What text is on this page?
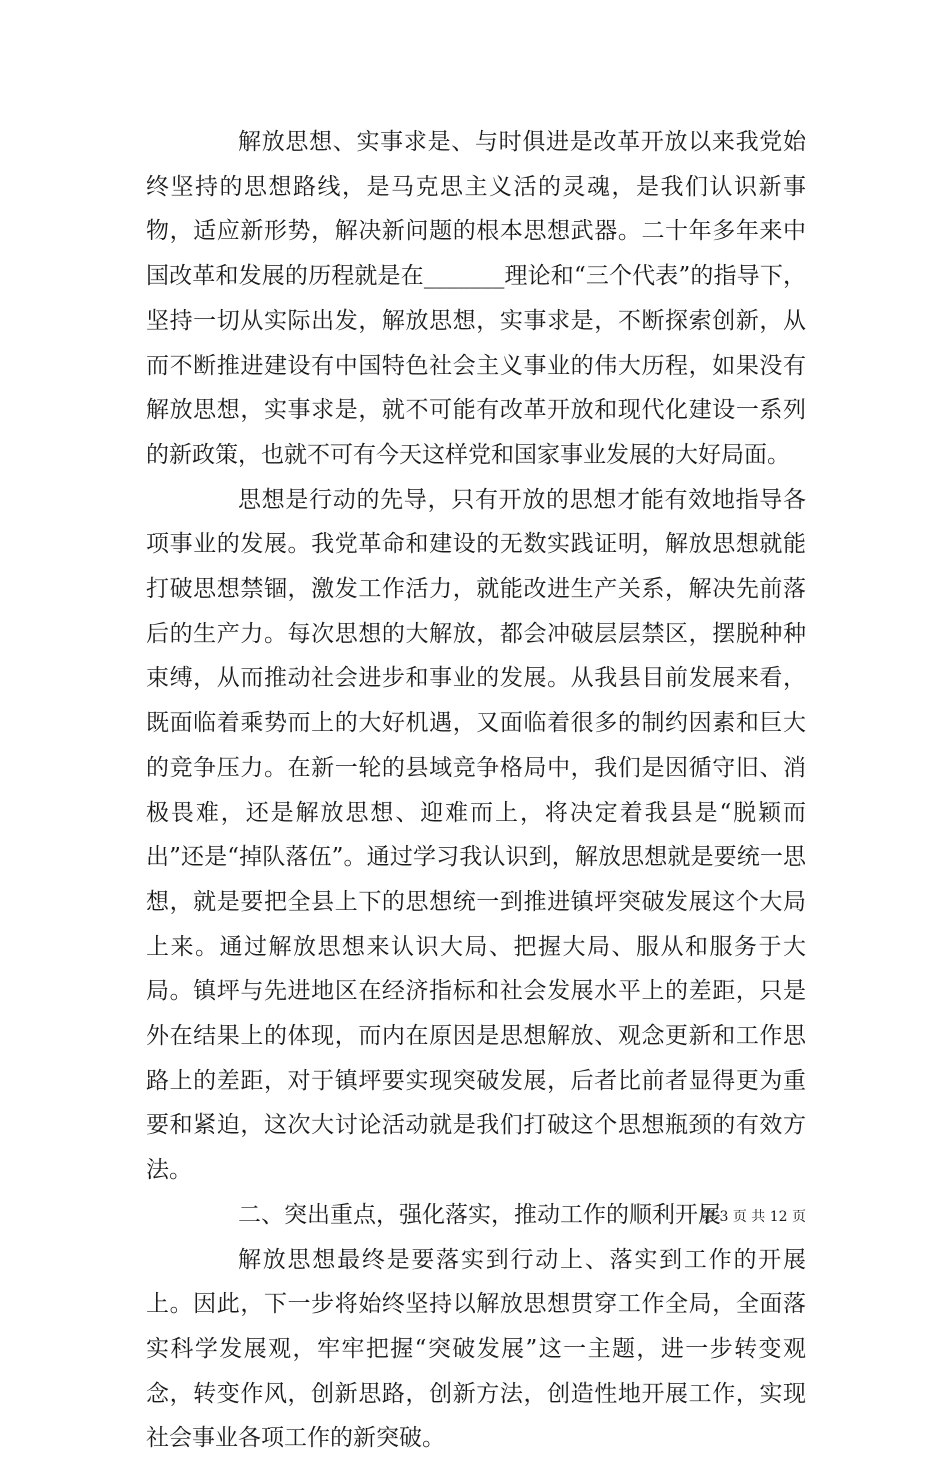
解放思想、实事求是、与时俱进是改革开放以来我党始终坚持的思想路线，是马克思主义活的灵魂，是我们认识新事物，适应新形势，解决新问题的根本思想武器。二十年多年来中国改革和发展的历程就是在_______理论和“三个代表”的指导下，坚持一切从实际出发，解放思想，实事求是，不断探索创新，从而不断推进建设有中国特色社会主义事业的伟大历程，如果没有解放思想，实事求是，就不可能有改革开放和现代化建设一系列的新政策，也就不可有今天这样党和国家事业发展的大好局面。

思想是行动的先导，只有开放的思想才能有效地指导各项事业的发展。我党革命和建设的无数实践证明，解放思想就能打破思想禁锢，激发工作活力，就能改进生产关系，解决先前落后的生产力。每次思想的大解放，都会冲破层层禁区，摆脱种种束缚，从而推动社会进步和事业的发展。从我县目前发展来看，既面临着乘势而上的大好机遇，又面临着很多的制约因素和巨大的竞争压力。在新一轮的县域竞争格局中，我们是因循守旧、消极畏难，还是解放思想、迎难而上，将决定着我县是“脱颖而出”还是“掉队落伍”。通过学习我认识到，解放思想就是要统一思想，就是要把全县上下的思想统一到推进镇坪突破发展这个大局上来。通过解放思想来认识大局、把握大局、服从和服务于大局。镇坪与先进地区在经济指标和社会发展水平上的差距，只是外在结果上的体现，而内在原因是思想解放、观念更新和工作思路上的差距，对于镇坪要实现突破发展，后者比前者显得更为重要和紧迫，这次大讨论活动就是我们打破这个思想瓶颈的有效方法。

二、突出重点，强化落实，推动工作的顺利开展

解放思想最终是要落实到行动上、落实到工作的开展上。因此，下一步将始终坚持以解放思想贯穿工作全局，全面落实科学发展观，牢牢把握“突破发展”这一主题，进一步转变观念，转变作风，创新思路，创新方法，创造性地开展工作，实现社会事业各项工作的新突破。

第 3 页 共 12 页
